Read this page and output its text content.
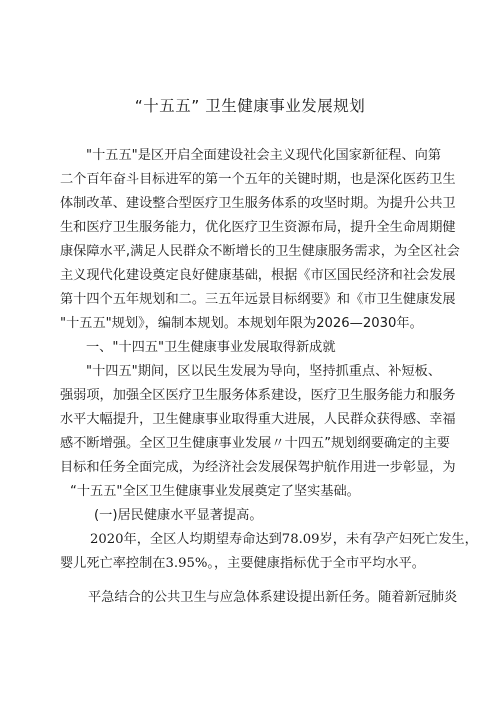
“十五五” 卫生健康事业发展规划

"十五五"是区开启全面建设社会主义现代化国家新征程、向第
二个百年奋斗目标进军的第一个五年的关键时期，也是深化医药卫生
体制改革、建设整合型医疗卫生服务体系的攻坚时期。为提升公共卫
生和医疗卫生服务能力，优化医疗卫生资源布局，提升全生命周期健
康保障水平,满足人民群众不断增长的卫生健康服务需求，为全区社会
主义现代化建设奠定良好健康基础，根据《市区国民经济和社会发展
第十四个五年规划和二。三五年远景目标纲要》和《市卫生健康发展
"十五五"规划》，编制本规划。本规划年限为2026—2030年。

一、"十四五"卫生健康事业发展取得新成就

"十四五"期间，区以民生发展为导向，坚持抓重点、补短板、
强弱项，加强全区医疗卫生服务体系建设，医疗卫生服务能力和服务
水平大幅提升，卫生健康事业取得重大进展，人民群众获得感、幸福
感不断增强。全区卫生健康事业发展〃十四五”规划纲要确定的主要
目标和任务全面完成，为经济社会发展保驾护航作用进一步彰显，为
“十五五"全区卫生健康事业发展奠定了坚实基础。

(一)居民健康水平显著提高。

2020年，全区人均期望寿命达到78.09岁，未有孕产妇死亡发生，
婴儿死亡率控制在3.95%。，主要健康指标优于全市平均水平。

平急结合的公共卫生与应急体系建设提出新任务。随着新冠肺炎
